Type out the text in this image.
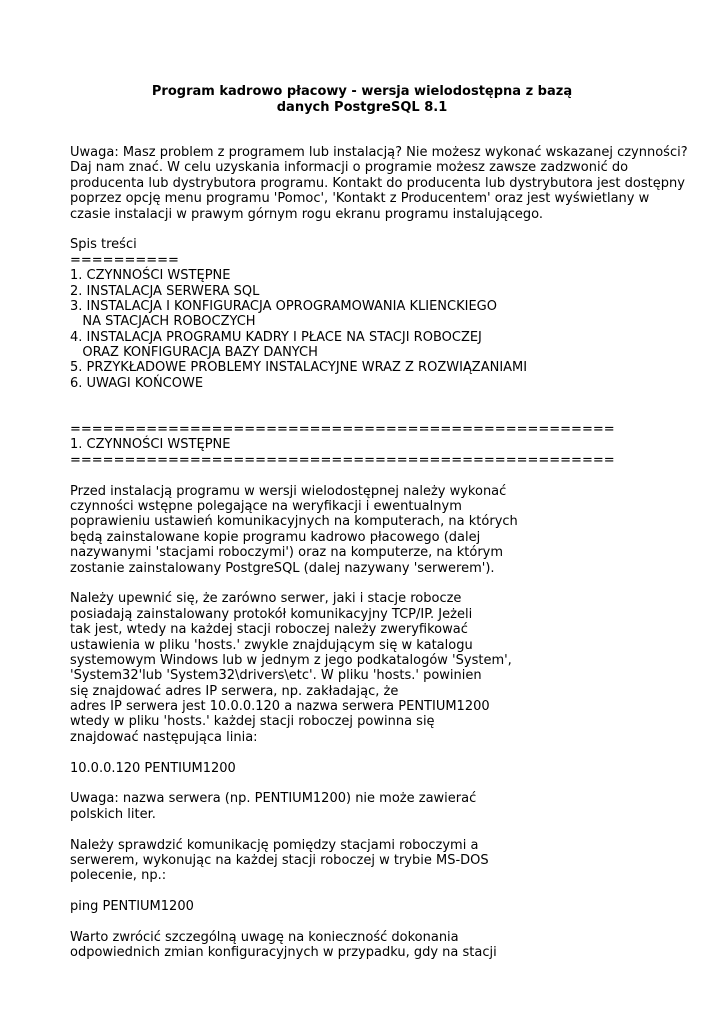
Program kadrowo płacowy - wersja wielodostępna z bazą
danych PostgreSQL 8.1
Uwaga: Masz problem z programem lub instalacją? Nie możesz wykonać wskazanej czynności?
Daj nam znać. W celu uzyskania informacji o programie możesz zawsze zadzwonić do
producenta lub dystrybutora programu. Kontakt do producenta lub dystrybutora jest dostępny
poprzez opcję menu programu 'Pomoc', 'Kontakt z Producentem' oraz jest wyświetlany w
czasie instalacji w prawym górnym rogu ekranu programu instalującego.
Spis treści
==========
1. CZYNNOŚCI WSTĘPNE
2. INSTALACJA SERWERA SQL
3. INSTALACJA I KONFIGURACJA OPROGRAMOWANIA KLIENCKIEGO
NA STACJACH ROBOCZYCH
4. INSTALACJA PROGRAMU KADRY I PŁACE NA STACJI ROBOCZEJ
ORAZ KONFIGURACJA BAZY DANYCH
5. PRZYKŁADOWE PROBLEMY INSTALACYJNE WRAZ Z ROZWIĄZANIAMI
6. UWAGI KOŃCOWE
==================================================
1. CZYNNOŚCI WSTĘPNE
==================================================
Przed instalacją programu w wersji wielodostępnej należy wykonać
czynności wstępne polegające na weryfikacji i ewentualnym
poprawieniu ustawień komunikacyjnych na komputerach, na których
będą zainstalowane kopie programu kadrowo płacowego (dalej
nazywanymi 'stacjami roboczymi') oraz na komputerze, na którym
zostanie zainstalowany PostgreSQL (dalej nazywany 'serwerem').
Należy upewnić się, że zarówno serwer, jaki i stacje robocze
posiadają zainstalowany protokół komunikacyjny TCP/IP. Jeżeli
tak jest, wtedy na każdej stacji roboczej należy zweryfikować
ustawienia w pliku 'hosts.' zwykle znajdującym się w katalogu
systemowym Windows lub w jednym z jego podkatalogów 'System',
'System32'lub 'System32\drivers\etc'. W pliku 'hosts.' powinien
się znajdować adres IP serwera, np. zakładając, że
adres IP serwera jest 10.0.0.120 a nazwa serwera PENTIUM1200
wtedy w pliku 'hosts.' każdej stacji roboczej powinna się
znajdować następująca linia:
10.0.0.120 PENTIUM1200
Uwaga: nazwa serwera (np. PENTIUM1200) nie może zawierać
polskich liter.
Należy sprawdzić komunikację pomiędzy stacjami roboczymi a
serwerem, wykonując na każdej stacji roboczej w trybie MS-DOS
polecenie, np.:
ping PENTIUM1200
Warto zwrócić szczególną uwagę na konieczność dokonania
odpowiednich zmian konfiguracyjnych w przypadku, gdy na stacji
